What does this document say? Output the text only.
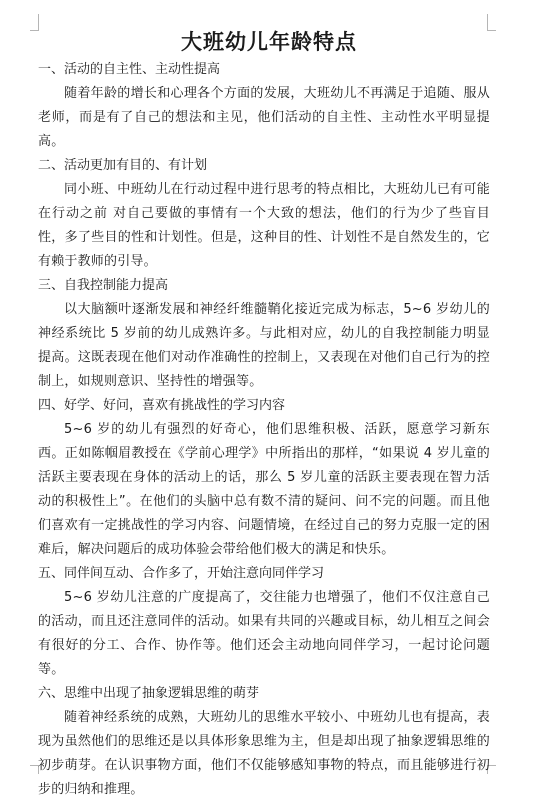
大班幼儿年龄特点

一、活动的自主性、主动性提高

随着年龄的增长和心理各个方面的发展，大班幼儿不再满足于追随、服从老师，而是有了自己的想法和主见，他们活动的自主性、主动性水平明显提高。

二、活动更加有目的、有计划

同小班、中班幼儿在行动过程中进行思考的特点相比，大班幼儿已有可能在行动之前 对自己要做的事情有一个大致的想法，他们的行为少了些盲目性，多了些目的性和计划性。但是，这种目的性、计划性不是自然发生的，它有赖于教师的引导。

三、自我控制能力提高

以大脑额叶逐渐发展和神经纤维髓鞘化接近完成为标志，5~6 岁幼儿的神经系统比 5 岁前的幼儿成熟许多。与此相对应，幼儿的自我控制能力明显提高。这既表现在他们对动作准确性的控制上，又表现在对他们自己行为的控制上，如规则意识、坚持性的增强等。

四、好学、好问，喜欢有挑战性的学习内容

5~6 岁的幼儿有强烈的好奇心，他们思维积极、活跃，愿意学习新东西。正如陈帼眉教授在《学前心理学》中所指出的那样，“如果说 4 岁儿童的活跃主要表现在身体的活动上的话，那么 5 岁儿童的活跃主要表现在智力活动的积极性上”。在他们的头脑中总有数不清的疑问、问不完的问题。而且他们喜欢有一定挑战性的学习内容、问题情境，在经过自己的努力克服一定的困难后，解决问题后的成功体验会带给他们极大的满足和快乐。

五、同伴间互动、合作多了，开始注意向同伴学习

5~6 岁幼儿注意的广度提高了，交往能力也增强了，他们不仅注意自己的活动，而且还注意同伴的活动。如果有共同的兴趣或目标，幼儿相互之间会有很好的分工、合作、协作等。他们还会主动地向同伴学习，一起讨论问题等。

六、思维中出现了抽象逻辑思维的萌芽

随着神经系统的成熟，大班幼儿的思维水平较小、中班幼儿也有提高，表现为虽然他们的思维还是以具体形象思维为主，但是却出现了抽象逻辑思维的初步萌芽。在认识事物方面，他们不仅能够感知事物的特点，而且能够进行初步的归纳和推理。
